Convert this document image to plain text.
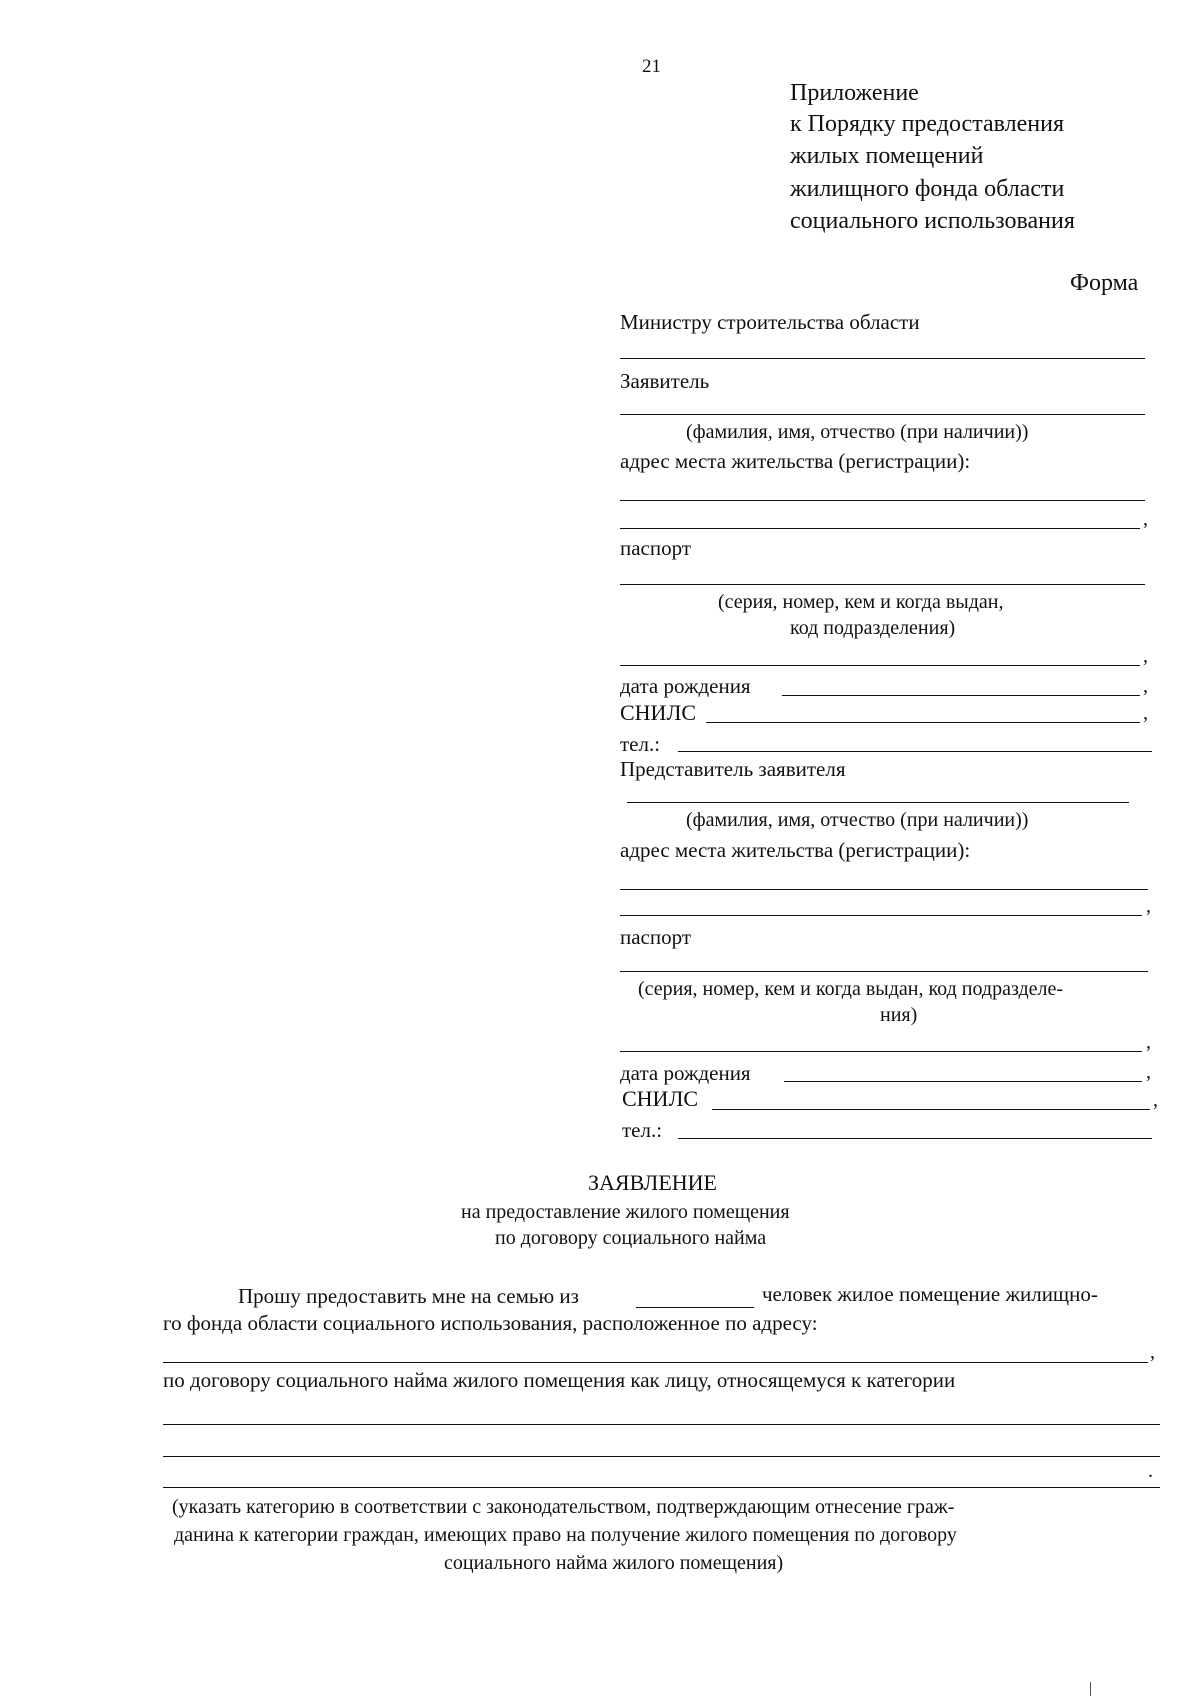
21
Приложение
к Порядку предоставления
жилых помещений
жилищного фонда области
социального использования
Форма
Министру строительства области
Заявитель
(фамилия, имя, отчество (при наличии))
адрес места жительства (регистрации):
,
паспорт
(серия, номер, кем и когда выдан,
код подразделения)
,
дата рождения	,
СНИЛС	,
тел.:
Представитель заявителя
(фамилия, имя, отчество (при наличии))
адрес места жительства (регистрации):
,
паспорт
(серия, номер, кем и когда выдан, код подразделе-
ния)
,
дата рождения	,
СНИЛС	,
тел.:
ЗАЯВЛЕНИЕ
на предоставление жилого помещения
по договору социального найма
Прошу предоставить мне на семью из	человек жилое помещение жилищно-
го фонда области социального использования, расположенное по адресу:
,
по договору социального найма жилого помещения как лицу, относящемуся к категории
.
(указать категорию в соответствии с законодательством, подтверждающим отнесение граж-
данина к категории граждан, имеющих право на получение жилого помещения по договору
социального найма жилого помещения)
